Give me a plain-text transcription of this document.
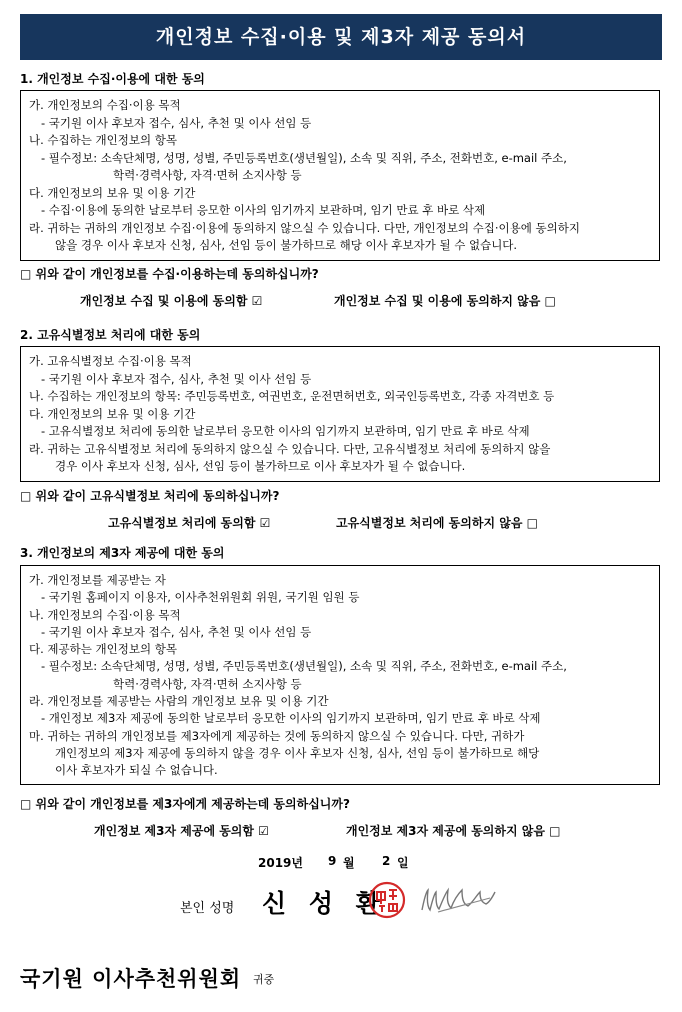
개인정보 수집·이용 및 제3자 제공 동의서
1. 개인정보 수집·이용에 대한 동의
가. 개인정보의 수집·이용 목적
- 국기원 이사 후보자 접수, 심사, 추천 및 이사 선임 등
나. 수집하는 개인정보의 항목
- 필수정보: 소속단체명, 성명, 성별, 주민등록번호(생년월일), 소속 및 직위, 주소, 전화번호, e-mail 주소,
학력·경력사항, 자격·면허 소지사항 등
다. 개인정보의 보유 및 이용 기간
- 수집·이용에 동의한 날로부터 응모한 이사의 임기까지 보관하며, 임기 만료 후 바로 삭제
라. 귀하는 귀하의 개인정보 수집·이용에 동의하지 않으실 수 있습니다. 다만, 개인정보의 수집·이용에 동의하지
않을 경우 이사 후보자 신청, 심사, 선임 등이 불가하므로 해당 이사 후보자가 될 수 없습니다.
□ 위와 같이 개인정보를 수집·이용하는데 동의하십니까?
개인정보 수집 및 이용에 동의함 ☑	개인정보 수집 및 이용에 동의하지 않음 □
2. 고유식별정보 처리에 대한 동의
가. 고유식별정보 수집·이용 목적
- 국기원 이사 후보자 접수, 심사, 추천 및 이사 선임 등
나. 수집하는 개인정보의 항목: 주민등록번호, 여권번호, 운전면허번호, 외국인등록번호, 각종 자격번호 등
다. 개인정보의 보유 및 이용 기간
- 고유식별정보 처리에 동의한 날로부터 응모한 이사의 임기까지 보관하며, 임기 만료 후 바로 삭제
라. 귀하는 고유식별정보 처리에 동의하지 않으실 수 있습니다. 다만, 고유식별정보 처리에 동의하지 않을
경우 이사 후보자 신청, 심사, 선임 등이 불가하므로 이사 후보자가 될 수 없습니다.
□ 위와 같이 고유식별정보 처리에 동의하십니까?
고유식별정보 처리에 동의함 ☑	고유식별정보 처리에 동의하지 않음 □
3. 개인정보의 제3자 제공에 대한 동의
가. 개인정보를 제공받는 자
- 국기원 홈페이지 이용자, 이사추천위원회 위원, 국기원 임원 등
나. 개인정보의 수집·이용 목적
- 국기원 이사 후보자 접수, 심사, 추천 및 이사 선임 등
다. 제공하는 개인정보의 항목
- 필수정보: 소속단체명, 성명, 성별, 주민등록번호(생년월일), 소속 및 직위, 주소, 전화번호, e-mail 주소,
학력·경력사항, 자격·면허 소지사항 등
라. 개인정보를 제공받는 사람의 개인정보 보유 및 이용 기간
- 개인정보 제3자 제공에 동의한 날로부터 응모한 이사의 임기까지 보관하며, 임기 만료 후 바로 삭제
마. 귀하는 귀하의 개인정보를 제3자에게 제공하는 것에 동의하지 않으실 수 있습니다. 다만, 귀하가
개인정보의 제3자 제공에 동의하지 않을 경우 이사 후보자 신청, 심사, 선임 등이 불가하므로 해당
이사 후보자가 되실 수 없습니다.
□ 위와 같이 개인정보를 제3자에게 제공하는데 동의하십니까?
개인정보 제3자 제공에 동의함 ☑	개인정보 제3자 제공에 동의하지 않음 □
2019년 9 월 2 일
본인 성명 신 성 환
국기원 이사추천위원회 귀중
